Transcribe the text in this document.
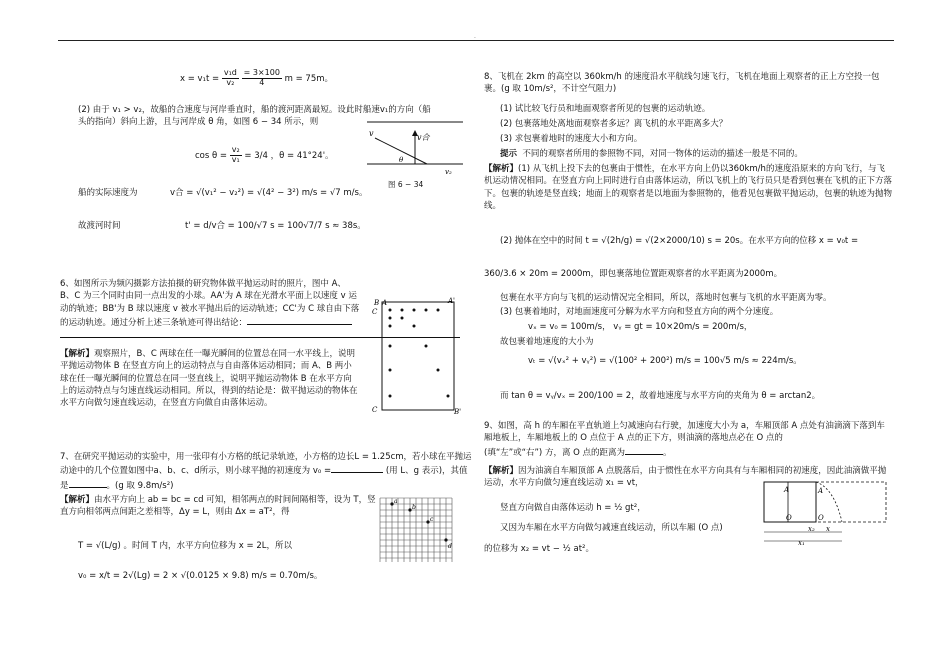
.
$x = v_1t = \frac{\text{v₁d}}{\text{v₂}}$
$\frac{= 3\times 100}{4}$ m = 75m。
(2) 由于 v₁ > v₂，故船的合速度与河岸垂直时，船的渡河距离最短。设此时船速v₁的方向（船
头的指向）斜向上游，且与河岸成 θ 角，如图 6 − 34 所示，则
$\cos \theta = \frac{\text{v₂}}{\text{v₁}} = 3/4$ ，θ = 41°24'。
船的实际速度为	v合 = √(v₁² − v₂²) = √(4² − 3²) m/s = √7 m/s。
故渡河时间	t' = d/v合 = 100/√7 s = 100√7/7 s ≈ 38s。
v	v合
θ
v₂
图 6 − 34
6、如图所示为频闪摄影方法拍摄的研究物体做平抛运动时的照片，图中 A、B、C 为三个同时由同一点出发的小球。AA'为 A 球在光滑水平面上以速度 v 运动的轨迹；BB'为 B 球以速度 v 被水平抛出后的运动轨迹；CC'为 C 球自由下落的运动轨迹。通过分析上述三条轨迹可得出结论：
【解析】观察照片，B、C 两球在任一曝光瞬间的位置总在同一水平线上，说明平抛运动物体 B 在竖直方向上的运动特点与自由落体运动相同；而 A、B 两小球在任一曝光瞬间的位置总在同一竖直线上，说明平抛运动物体 B 在水平方向上的运动特点与匀速直线运动相同。所以，得到的结论是：做平抛运动的物体在水平方向做匀速直线运动，在竖直方向做自由落体运动。
B A	A'
C
C	B'
7、在研究平抛运动的实验中，用一张印有小方格的纸记录轨迹，小方格的边长L = 1.25cm，若小球在平抛运动途中的几个位置如图中a、b、c、d所示，则小球平抛的初速度为 v₀ =	(用 L、g 表示)，其值是	。(g 取 9.8m/s²)
【解析】由水平方向上 ab = bc = cd 可知，相邻两点的时间间隔相等，设为 T，竖直方向相邻两点间距之差相等，Δy = L，则由 Δx = aT²，得
T = √(L/g) 。时间 T 内，水平方向位移为 x = 2L，所以
v₀ = x/t = 2√(Lg) = 2 × √(0.0125 × 9.8) m/s = 0.70m/s。
a
b
c
d
8、飞机在 2km 的高空以 360km/h 的速度沿水平航线匀速飞行，飞机在地面上观察者的正上方空投一包裹。(g 取 10m/s²，不计空气阻力)
(1) 试比较飞行员和地面观察者所见的包裹的运动轨迹。
(2) 包裹落地处离地面观察者多远？离飞机的水平距离多大？
(3) 求包裹着地时的速度大小和方向。
提示 不同的观察者所用的参照物不同，对同一物体的运动的描述一般是不同的。
【解析】(1) 从飞机上投下去的包裹由于惯性，在水平方向上仍以360km/h的速度沿原来的方向飞行，与飞机运动情况相同。在竖直方向上同时进行自由落体运动，所以飞机上的飞行员只是看到包裹在飞机的正下方落下。包裹的轨迹是竖直线；地面上的观察者是以地面为参照物的，他看见包裹做平抛运动，包裹的轨迹为抛物线。
(2) 抛体在空中的时间 t = √(2h/g) = √(2×2000/10) s = 20s。在水平方向的位移 x = v₀t =
360/3.6 × 20m = 2000m，即包裹落地位置距观察者的水平距离为2000m。
包裹在水平方向与飞机的运动情况完全相同，所以，落地时包裹与飞机的水平距离为零。
(3) 包裹着地时，对地面速度可分解为水平方向和竖直方向的两个分速度。
vₓ = v₀ = 100m/s， vᵧ = gt = 10×20m/s = 200m/s，
故包裹着地速度的大小为
vₜ = √(vₓ² + vᵧ²) = √(100² + 200²) m/s = 100√5 m/s ≈ 224m/s。
而 tan θ = vᵧ/vₓ = 200/100 = 2，故着地速度与水平方向的夹角为 θ = arctan2。
9、如图，高 h 的车厢在平直轨道上匀减速向右行驶，加速度大小为 a，车厢顶部 A 点处有油滴滴下落到车厢地板上，车厢地板上的 O 点位于 A 点的正下方，则油滴的落地点必在 O 点的
(填“左”或“右”) 方，离 O 点的距离为	。
【解析】因为油滴自车厢顶部 A 点脱落后，由于惯性在水平方向具有与车厢相同的初速度，因此油滴做平抛运动，水平方向做匀速直线运动 x₁ = vt，
竖直方向做自由落体运动 h = ½ gt²，
又因为车厢在水平方向做匀减速直线运动，所以车厢 (O 点)
的位移为 x₂ = vt − ½ at²。
A
O
A
O
x₂ x
x₁
